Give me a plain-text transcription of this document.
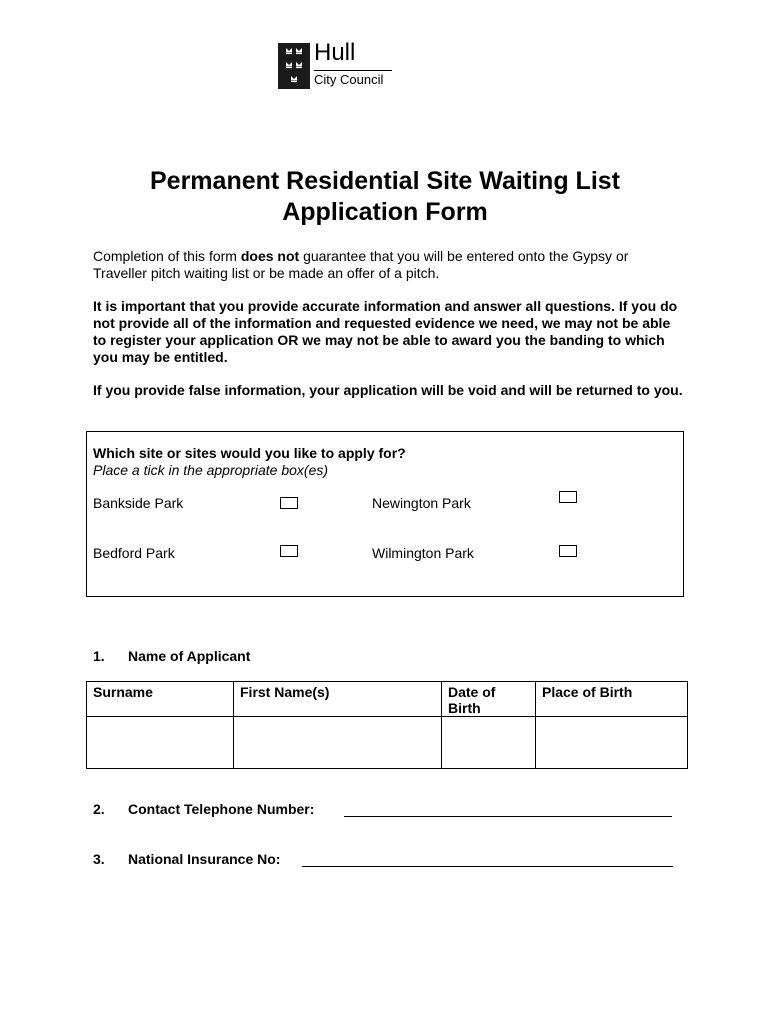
Hull
City Council
Permanent Residential Site Waiting List Application Form

Completion of this form does not guarantee that you will be entered onto the Gypsy or Traveller pitch waiting list or be made an offer of a pitch.

It is important that you provide accurate information and answer all questions. If you do not provide all of the information and requested evidence we need, we may not be able to register your application OR we may not be able to award you the banding to which you may be entitled.

If you provide false information, your application will be void and will be returned to you.

Which site or sites would you like to apply for?
Place a tick in the appropriate box(es)
Bankside Park	Newington Park
Bedford Park	Wilmington Park
1. Name of Applicant
Surname	First Name(s)	Date of Birth	Place of Birth

2. Contact Telephone Number:
3. National Insurance No:
